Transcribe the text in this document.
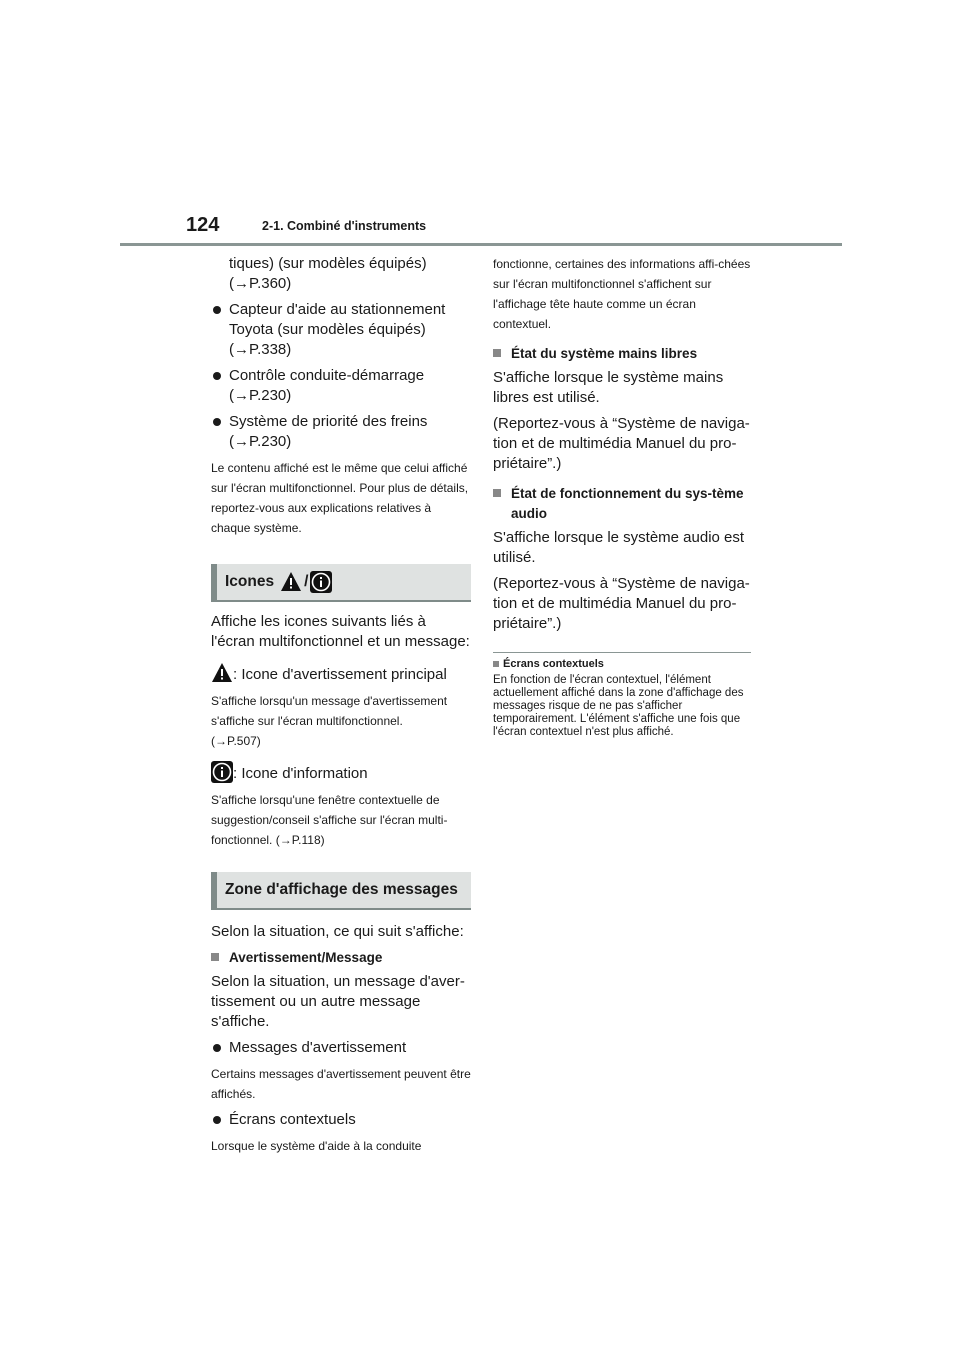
124	2-1. Combiné d'instruments

tiques) (sur modèles équipés)
(→P.360)

Capteur d'aide au stationnement Toyota (sur modèles équipés)
(→P.338)

Contrôle conduite-démarrage
(→P.230)

Système de priorité des freins
(→P.230)

Le contenu affiché est le même que celui affiché sur l'écran multifonctionnel. Pour plus de détails, reportez-vous aux explications relatives à chaque système.

Icones /

Affiche les icones suivants liés à l'écran multifonctionnel et un message:

: Icone d'avertissement principal

S'affiche lorsqu'un message d'avertissement s'affiche sur l'écran multifonctionnel.

(→P.507)

: Icone d'information

S'affiche lorsqu'une fenêtre contextuelle de suggestion/conseil s'affiche sur l'écran multi-fonctionnel. (→P.118)

Zone d'affichage des messages

Selon la situation, ce qui suit s'affiche:

Avertissement/Message

Selon la situation, un message d'aver-tissement ou un autre message s'affiche.

Messages d'avertissement

Certains messages d'avertissement peuvent être affichés.

Écrans contextuels

Lorsque le système d'aide à la conduite

fonctionne, certaines des informations affi-chées sur l'écran multifonctionnel s'affichent sur l'affichage tête haute comme un écran contextuel.

État du système mains libres

S'affiche lorsque le système mains libres est utilisé.

(Reportez-vous à “Système de naviga-tion et de multimédia Manuel du pro-priétaire”.)

État de fonctionnement du sys-tème audio

S'affiche lorsque le système audio est utilisé.

(Reportez-vous à “Système de naviga-tion et de multimédia Manuel du pro-priétaire”.)

Écrans contextuels
En fonction de l'écran contextuel, l'élément actuellement affiché dans la zone d'affichage des messages risque de ne pas s'afficher temporairement. L'élément s'affiche une fois que l'écran contextuel n'est plus affiché.
